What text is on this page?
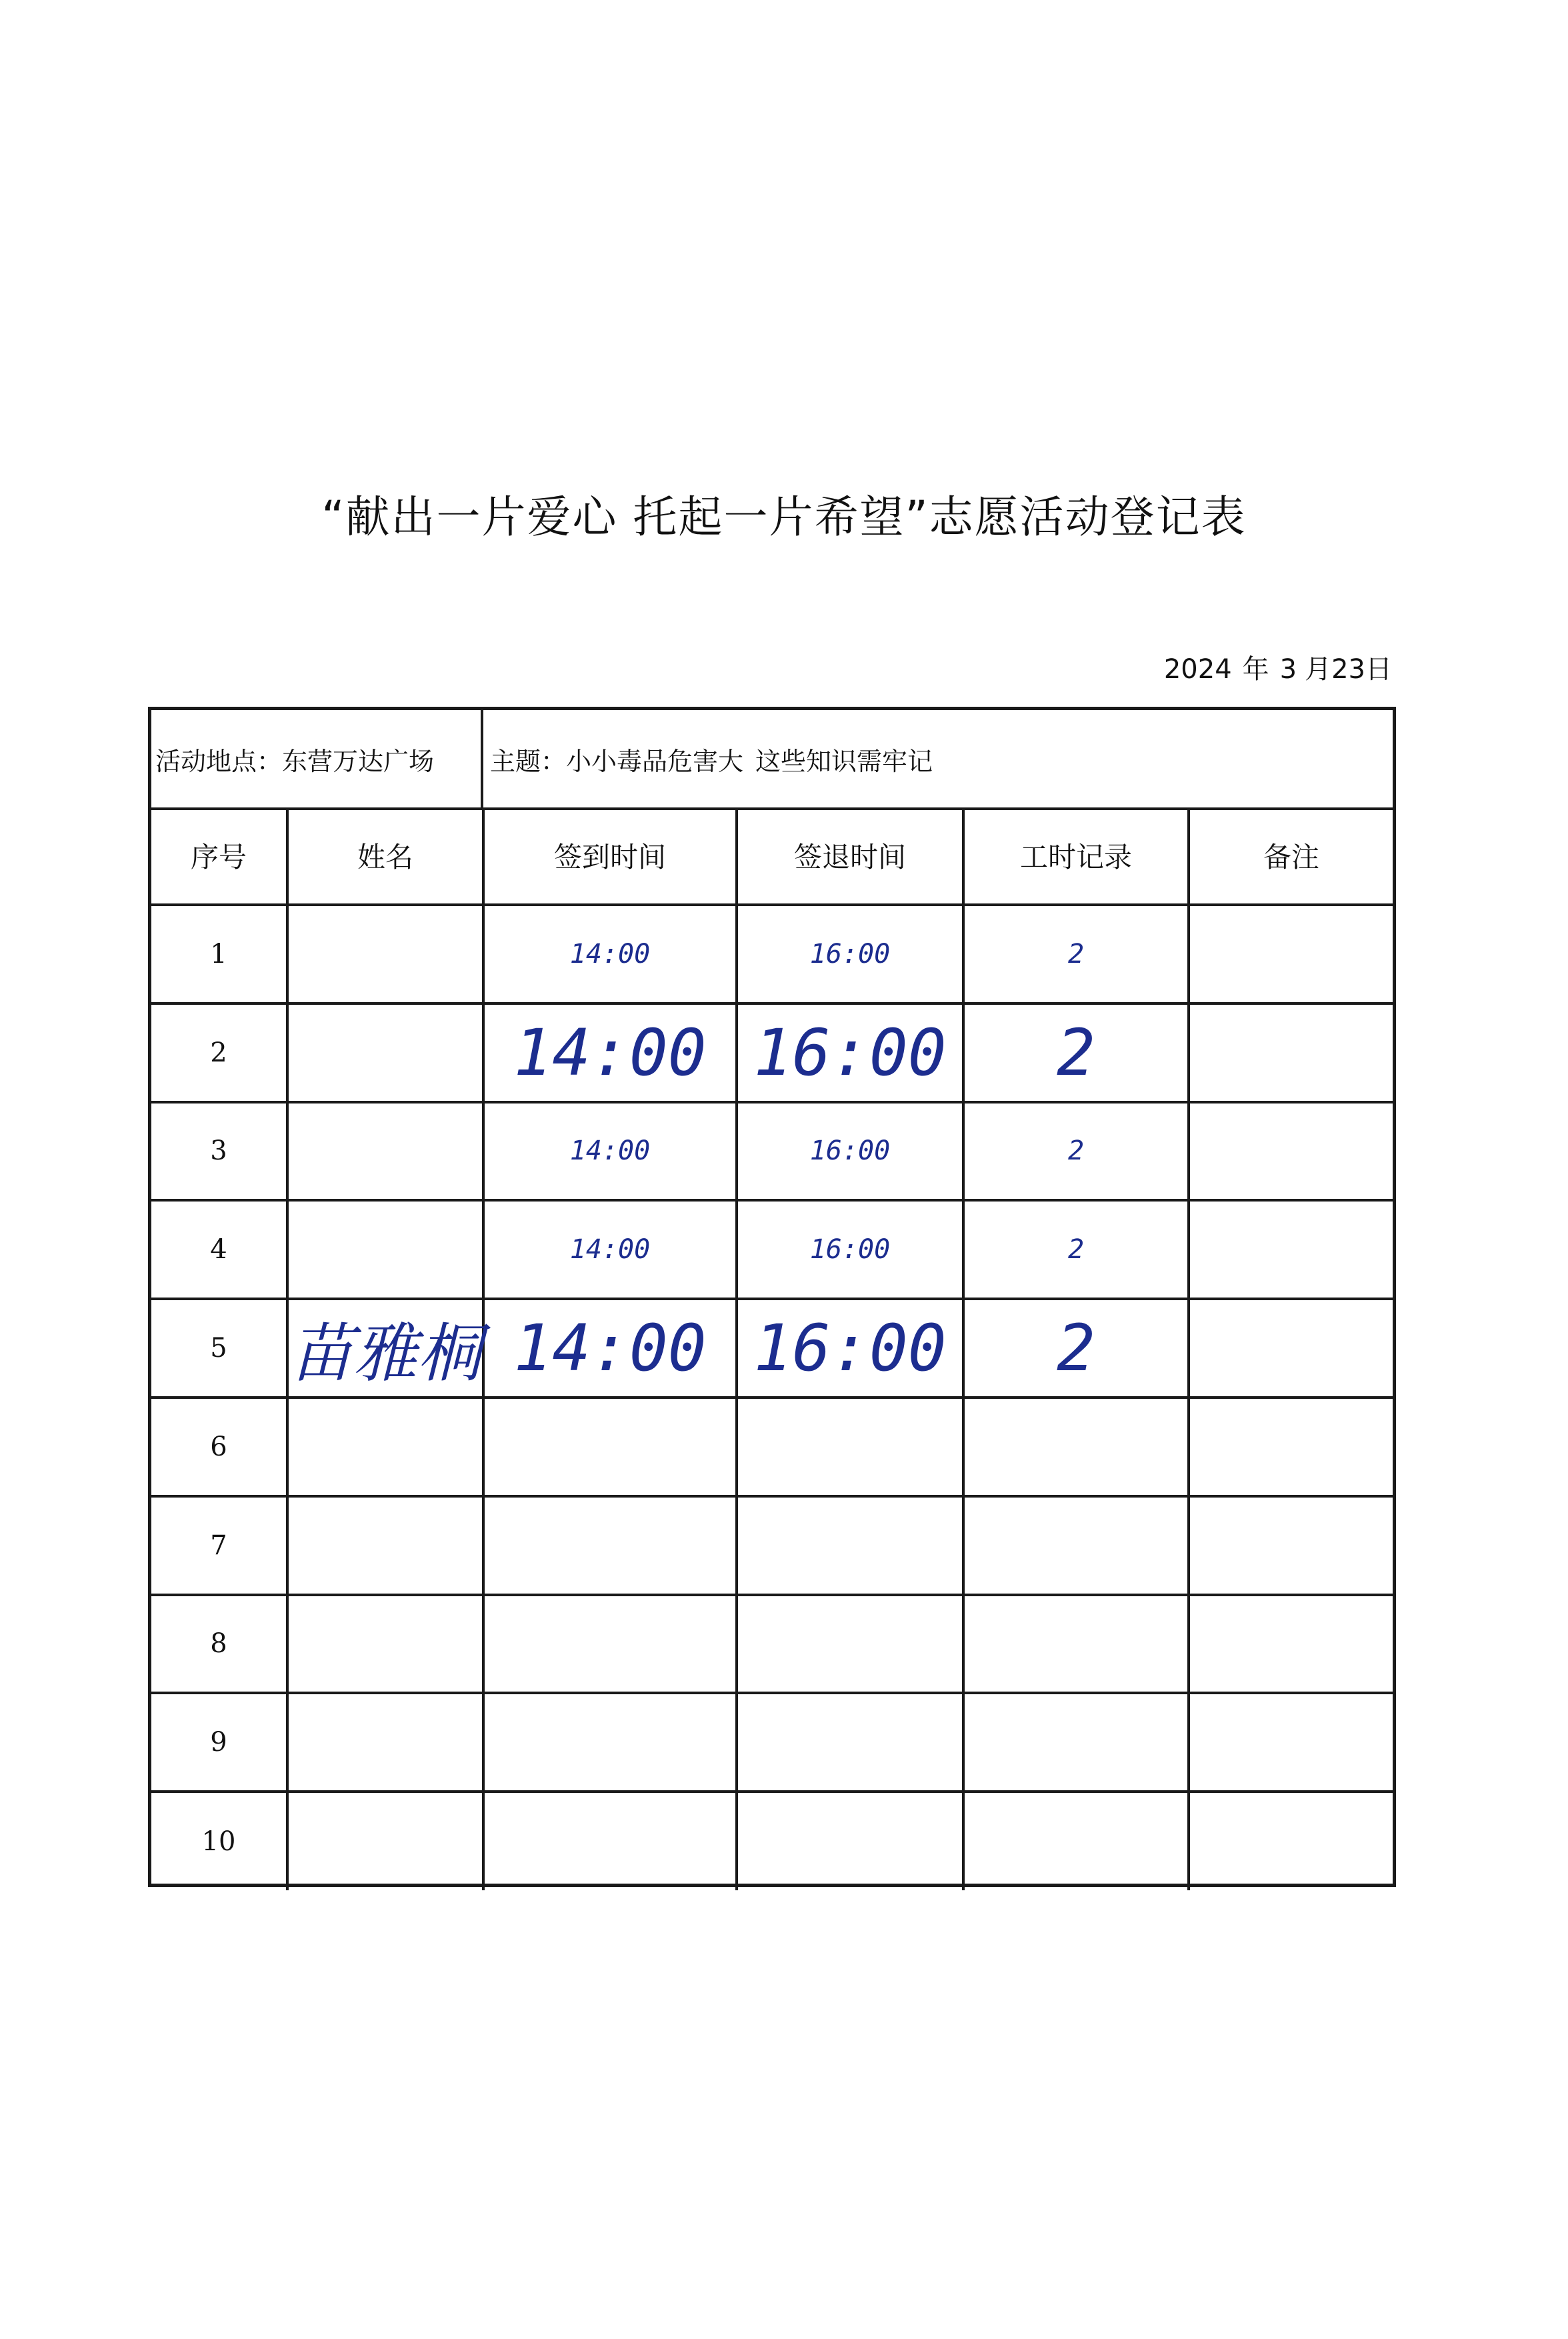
“献出一片爱心 托起一片希望”志愿活动登记表
2024 年 3 月23日
活动地点：东营万达广场	主题： 小小毒品危害大 这些知识需牢记
序号	姓名	签到时间	签退时间	工时记录	备注
1		14:00	16:00	2	
2		14:00	16:00	2	
3		14:00	16:00	2	
4		14:00	16:00	2	
5	苗雅桐	14:00	16:00	2	
6					
7					
8					
9					
10					
